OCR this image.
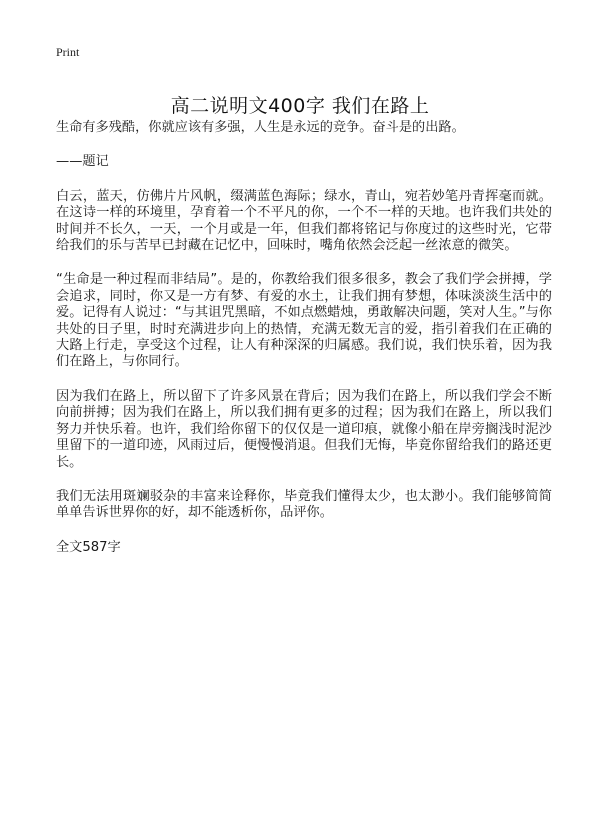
Print
高二说明文400字 我们在路上

生命有多残酷，你就应该有多强，人生是永远的竞争。奋斗是的出路。

——题记

白云，蓝天，仿佛片片风帆，缀满蓝色海际；绿水，青山，宛若妙笔丹青挥毫而就。在这诗一样的环境里，孕育着一个不平凡的你，一个不一样的天地。也许我们共处的时间并不长久，一天，一个月或是一年，但我们都将铭记与你度过的这些时光，它带给我们的乐与苦早已封藏在记忆中，回味时，嘴角依然会泛起一丝浓意的微笑。

“生命是一种过程而非结局”。是的，你教给我们很多很多，教会了我们学会拼搏，学会追求，同时，你又是一方有梦、有爱的水土，让我们拥有梦想，体味淡淡生活中的爱。记得有人说过：“与其诅咒黑暗，不如点燃蜡烛，勇敢解决问题，笑对人生。”与你共处的日子里，时时充满进步向上的热情，充满无数无言的爱，指引着我们在正确的大路上行走，享受这个过程，让人有种深深的归属感。我们说，我们快乐着，因为我们在路上，与你同行。

因为我们在路上，所以留下了许多风景在背后；因为我们在路上，所以我们学会不断向前拼搏；因为我们在路上，所以我们拥有更多的过程；因为我们在路上，所以我们努力并快乐着。也许，我们给你留下的仅仅是一道印痕，就像小船在岸旁搁浅时泥沙里留下的一道印迹，风雨过后，便慢慢消退。但我们无悔，毕竟你留给我们的路还更长。

我们无法用斑斓驳杂的丰富来诠释你，毕竟我们懂得太少，也太渺小。我们能够简简单单告诉世界你的好，却不能透析你，品评你。

全文587字
